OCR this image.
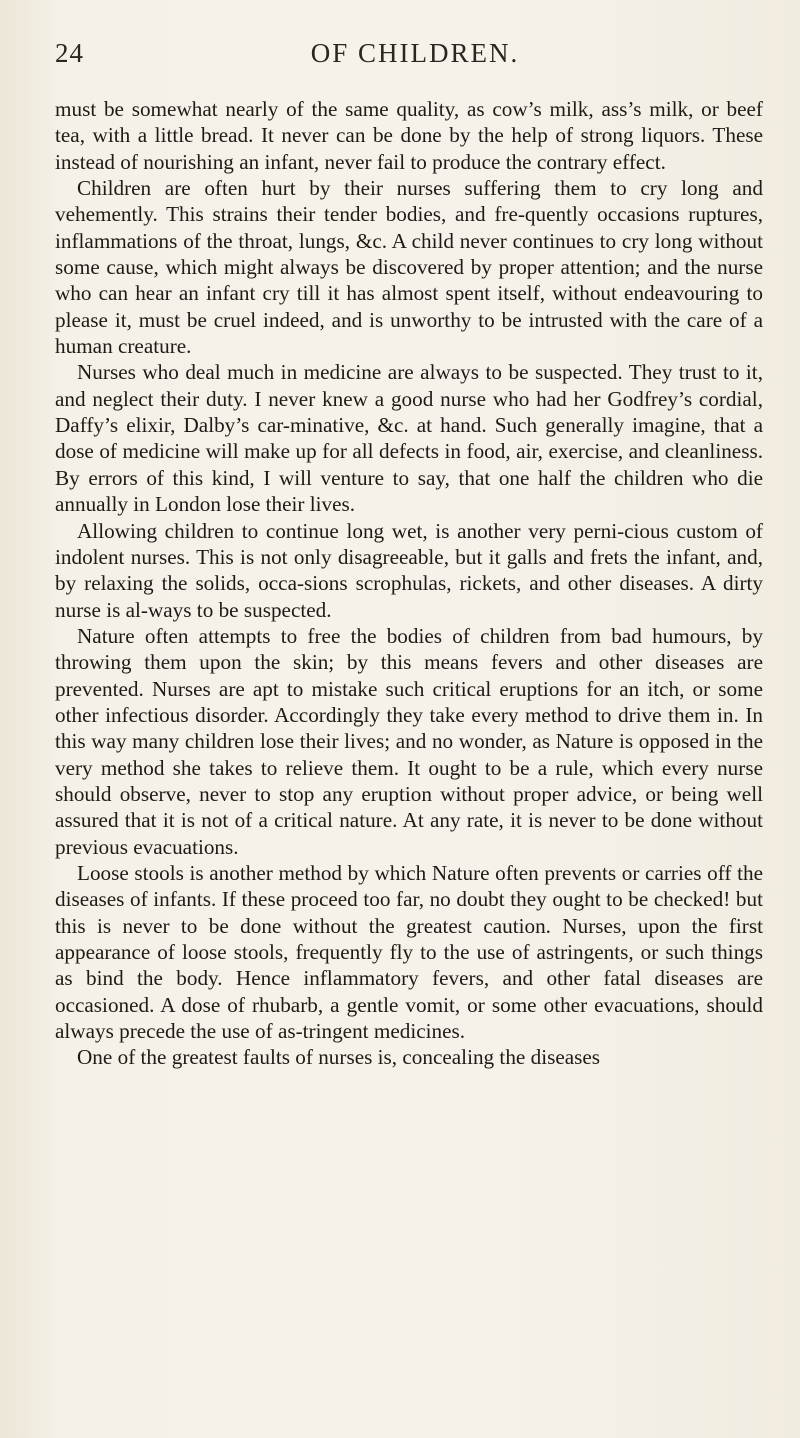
24	OF CHILDREN.

must be somewhat nearly of the same quality, as cow’s milk, ass’s milk, or beef tea, with a little bread. It never can be done by the help of strong liquors. These instead of nourishing an infant, never fail to produce the contrary effect.

Children are often hurt by their nurses suffering them to cry long and vehemently. This strains their tender bodies, and fre-quently occasions ruptures, inflammations of the throat, lungs, &c. A child never continues to cry long without some cause, which might always be discovered by proper attention; and the nurse who can hear an infant cry till it has almost spent itself, without endeavouring to please it, must be cruel indeed, and is unworthy to be intrusted with the care of a human creature.

Nurses who deal much in medicine are always to be suspected. They trust to it, and neglect their duty. I never knew a good nurse who had her Godfrey’s cordial, Daffy’s elixir, Dalby’s car-minative, &c. at hand. Such generally imagine, that a dose of medicine will make up for all defects in food, air, exercise, and cleanliness. By errors of this kind, I will venture to say, that one half the children who die annually in London lose their lives.

Allowing children to continue long wet, is another very perni-cious custom of indolent nurses. This is not only disagreeable, but it galls and frets the infant, and, by relaxing the solids, occa-sions scrophulas, rickets, and other diseases. A dirty nurse is al-ways to be suspected.

Nature often attempts to free the bodies of children from bad humours, by throwing them upon the skin; by this means fevers and other diseases are prevented. Nurses are apt to mistake such critical eruptions for an itch, or some other infectious disorder. Accordingly they take every method to drive them in. In this way many children lose their lives; and no wonder, as Nature is opposed in the very method she takes to relieve them. It ought to be a rule, which every nurse should observe, never to stop any eruption without proper advice, or being well assured that it is not of a critical nature. At any rate, it is never to be done without previous evacuations.

Loose stools is another method by which Nature often prevents or carries off the diseases of infants. If these proceed too far, no doubt they ought to be checked! but this is never to be done without the greatest caution. Nurses, upon the first appearance of loose stools, frequently fly to the use of astringents, or such things as bind the body. Hence inflammatory fevers, and other fatal diseases are occasioned. A dose of rhubarb, a gentle vomit, or some other evacuations, should always precede the use of as-tringent medicines.

One of the greatest faults of nurses is, concealing the diseases
